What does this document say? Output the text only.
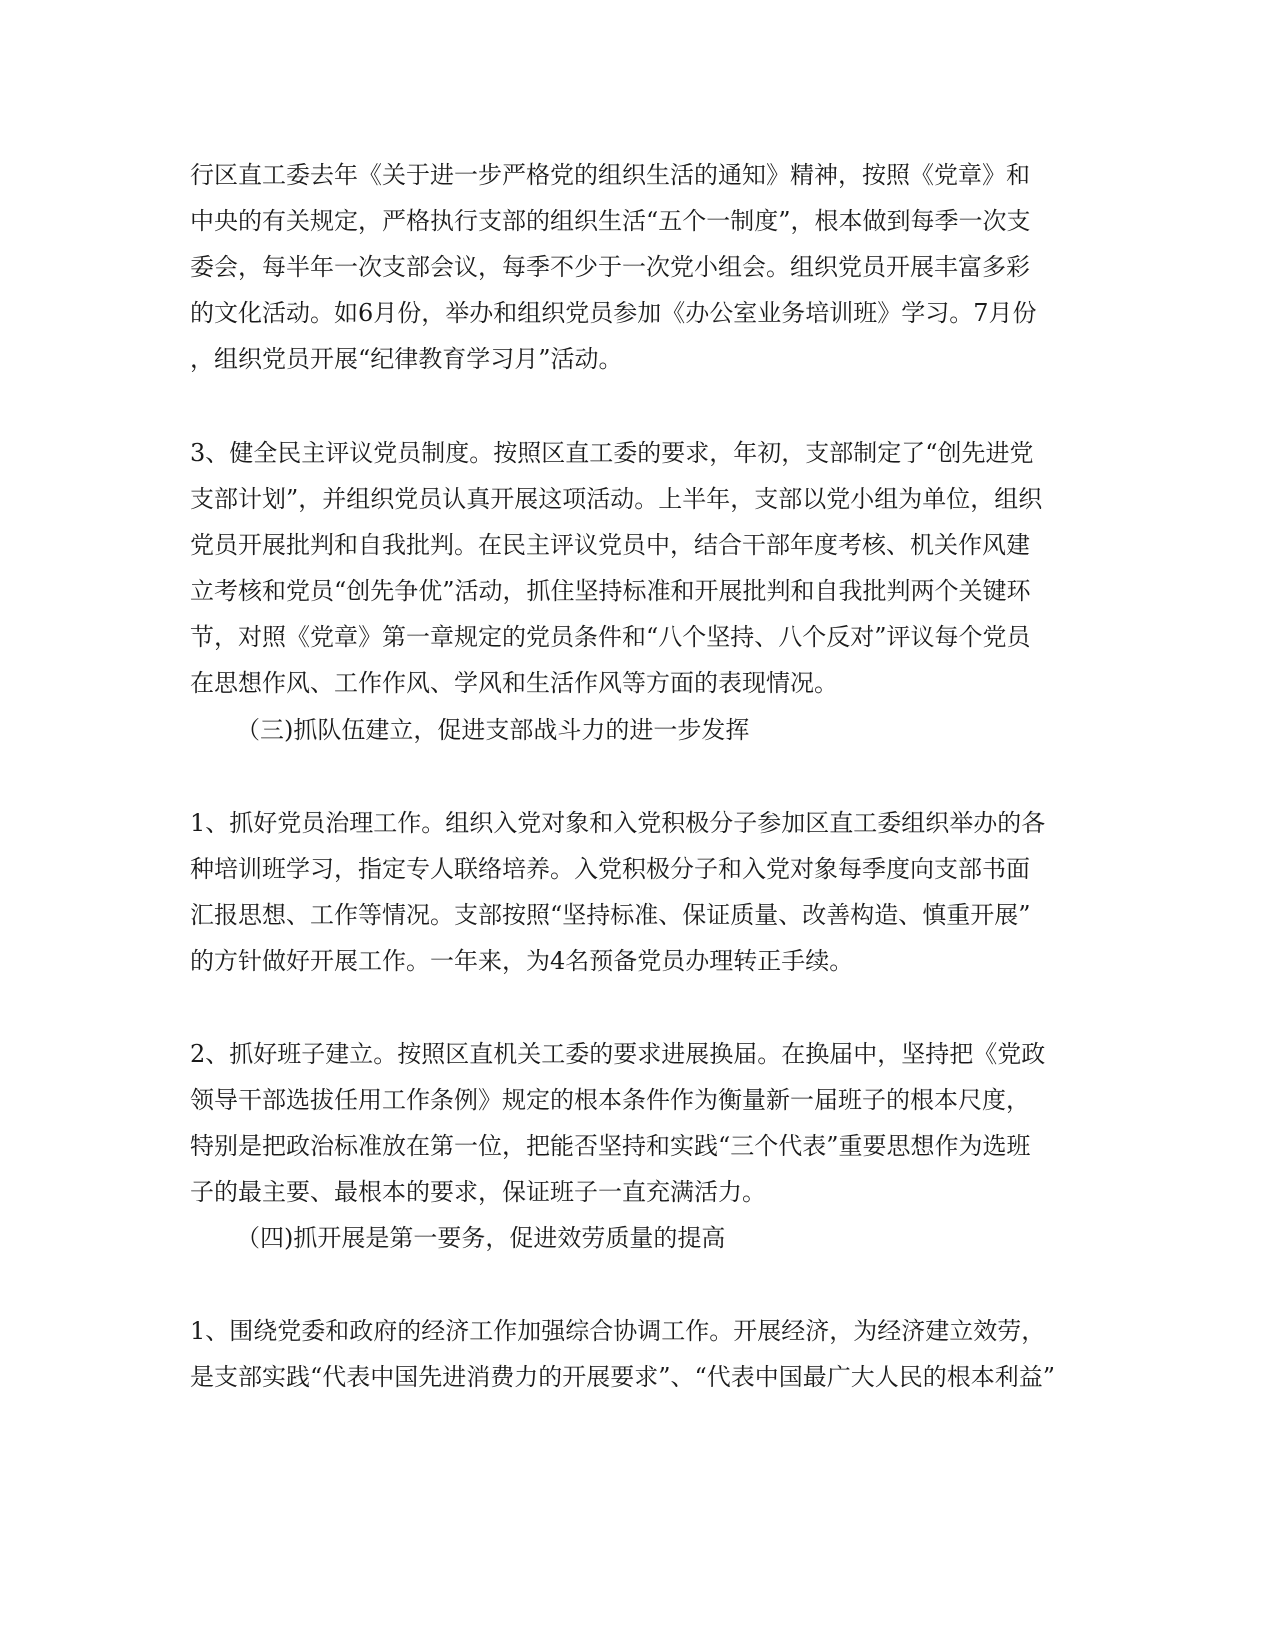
行区直工委去年《关于进一步严格党的组织生活的通知》精神，按照《党章》和
中央的有关规定，严格执行支部的组织生活“五个一制度”，根本做到每季一次支
委会，每半年一次支部会议，每季不少于一次党小组会。组织党员开展丰富多彩
的文化活动。如6月份，举办和组织党员参加《办公室业务培训班》学习。7月份
，组织党员开展“纪律教育学习月”活动。
3、健全民主评议党员制度。按照区直工委的要求，年初，支部制定了“创先进党
支部计划”，并组织党员认真开展这项活动。上半年，支部以党小组为单位，组织
党员开展批判和自我批判。在民主评议党员中，结合干部年度考核、机关作风建
立考核和党员“创先争优”活动，抓住坚持标准和开展批判和自我批判两个关键环
节，对照《党章》第一章规定的党员条件和“八个坚持、八个反对”评议每个党员
在思想作风、工作作风、学风和生活作风等方面的表现情况。
（三)抓队伍建立，促进支部战斗力的进一步发挥
1、抓好党员治理工作。组织入党对象和入党积极分子参加区直工委组织举办的各
种培训班学习，指定专人联络培养。入党积极分子和入党对象每季度向支部书面
汇报思想、工作等情况。支部按照“坚持标准、保证质量、改善构造、慎重开展”
的方针做好开展工作。一年来，为4名预备党员办理转正手续。
2、抓好班子建立。按照区直机关工委的要求进展换届。在换届中，坚持把《党政
领导干部选拔任用工作条例》规定的根本条件作为衡量新一届班子的根本尺度，
特别是把政治标准放在第一位，把能否坚持和实践“三个代表”重要思想作为选班
子的最主要、最根本的要求，保证班子一直充满活力。
（四)抓开展是第一要务，促进效劳质量的提高
1、围绕党委和政府的经济工作加强综合协调工作。开展经济，为经济建立效劳，
是支部实践“代表中国先进消费力的开展要求”、“代表中国最广大人民的根本利益”
